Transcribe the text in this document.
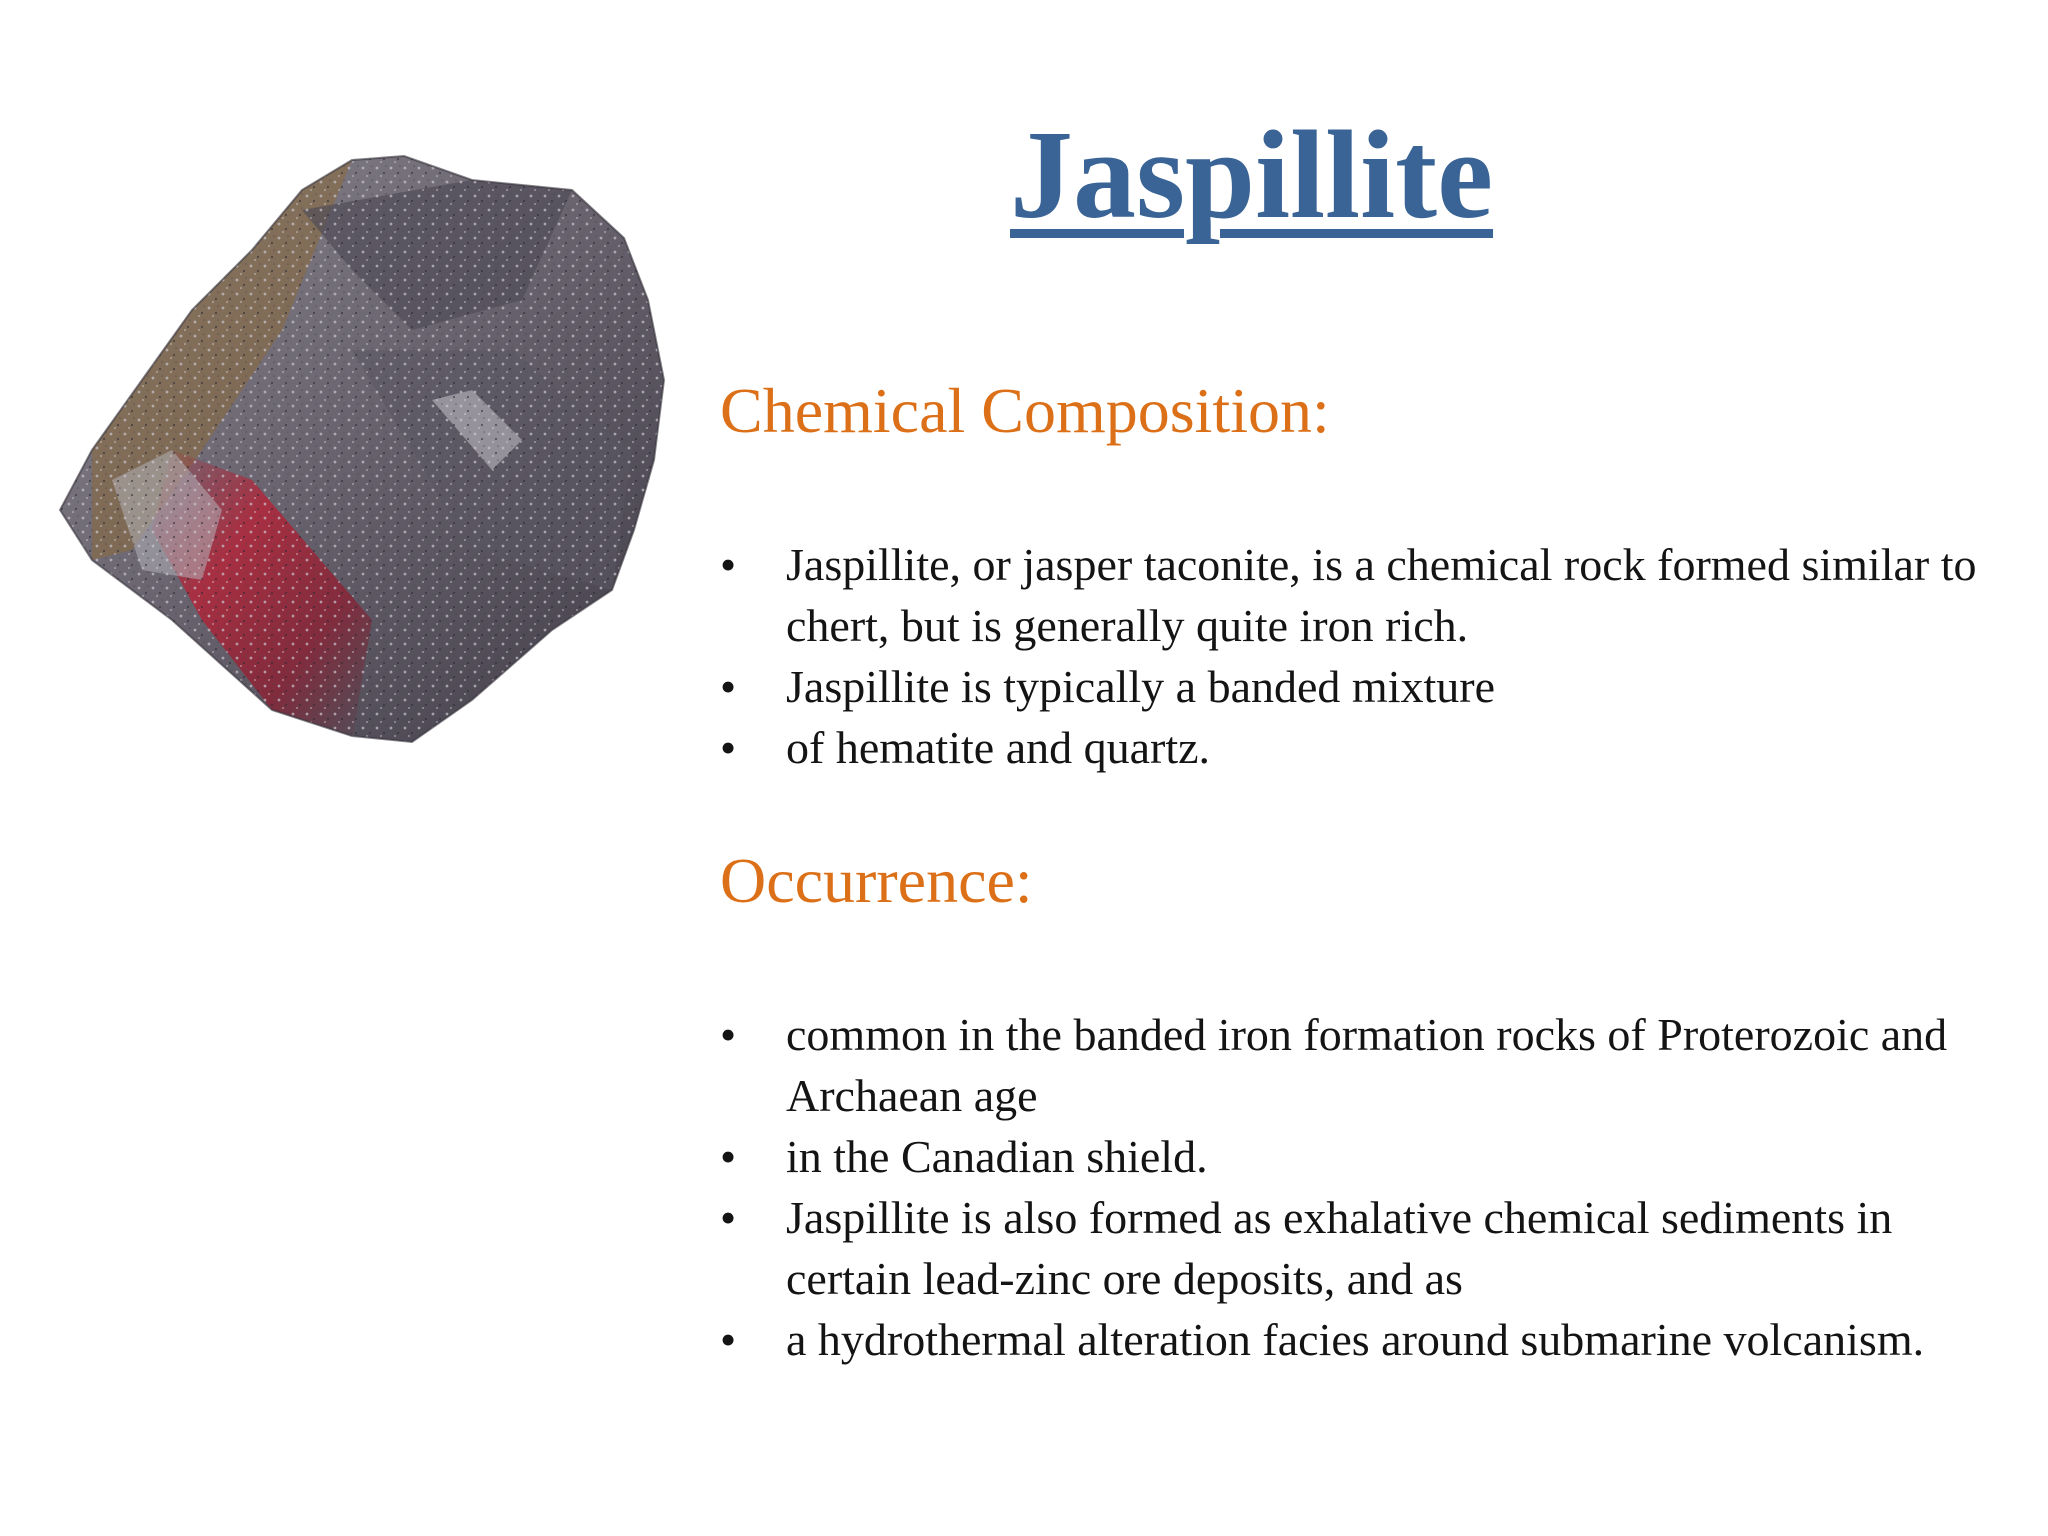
Jaspillite
Chemical Composition:
•	Jaspillite, or jasper taconite, is a chemical rock formed similar to chert, but is generally quite iron rich.
•	Jaspillite is typically a banded mixture
•	of hematite and quartz.
Occurrence:
•	common in the banded iron formation rocks of Proterozoic and Archaean age
•	in the Canadian shield.
•	Jaspillite is also formed as exhalative chemical sediments in certain lead-zinc ore deposits, and as
•	a hydrothermal alteration facies around submarine volcanism.
